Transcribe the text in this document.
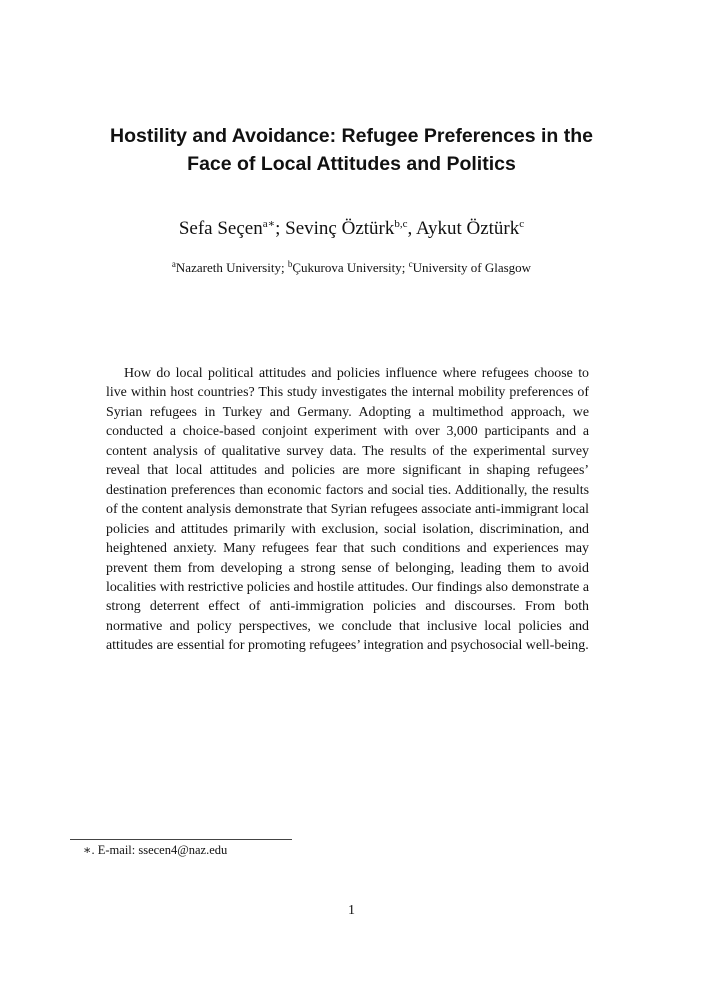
Hostility and Avoidance: Refugee Preferences in the
Face of Local Attitudes and Politics
Sefa Seçen$^{a∗}$; Sevinç Öztürk$^{b,c}$, Aykut Öztürk$^c$
$^a$Nazareth University; $^b$Çukurova University; $^c$University of Glasgow

How do local political attitudes and policies influence where refugees choose to live within host countries? This study investigates the internal mobility preferences of Syrian refugees in Turkey and Germany. Adopting a multimethod approach, we conducted a choice-based conjoint experiment with over 3,000 participants and a content analysis of qualitative survey data. The results of the experimental survey reveal that local attitudes and policies are more significant in shaping refugees’ destination preferences than economic factors and social ties. Additionally, the results of the content analysis demonstrate that Syrian refugees associate anti-immigrant local policies and attitudes primarily with exclusion, social isolation, discrimination, and heightened anxiety. Many refugees fear that such conditions and experiences may prevent them from developing a strong sense of belonging, leading them to avoid localities with restrictive policies and hostile attitudes. Our findings also demonstrate a strong deterrent effect of anti-immigration policies and discourses. From both normative and policy perspectives, we conclude that inclusive local policies and attitudes are essential for promoting refugees’ integration and psychosocial well-being.

∗. E-mail: ssecen4@naz.edu
1
